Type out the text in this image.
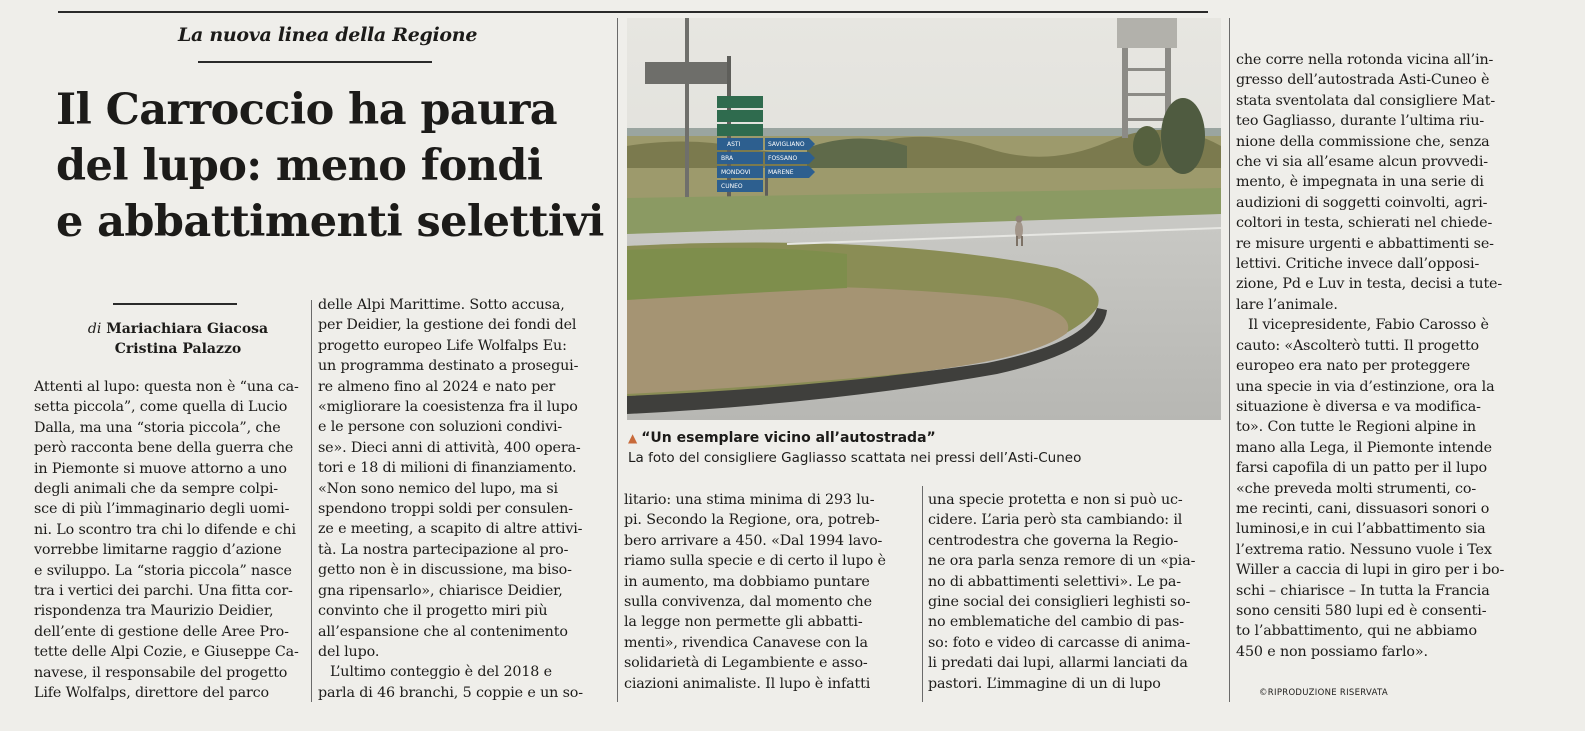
La nuova linea della Regione
Il Carroccio ha paura
del lupo: meno fondi
e abbattimenti selettivi
di Mariachiara Giacosa
Cristina Palazzo
Attenti al lupo: questa non è “una ca-
setta piccola”, come quella di Lucio
Dalla, ma una “storia piccola”, che
però racconta bene della guerra che
in Piemonte si muove attorno a uno
degli animali che da sempre colpi-
sce di più l’immaginario degli uomi-
ni. Lo scontro tra chi lo difende e chi
vorrebbe limitarne raggio d’azione
e sviluppo. La “storia piccola” nasce
tra i vertici dei parchi. Una fitta cor-
rispondenza tra Maurizio Deidier,
dell’ente di gestione delle Aree Pro-
tette delle Alpi Cozie, e Giuseppe Ca-
navese, il responsabile del progetto
Life Wolfalps, direttore del parco
delle Alpi Marittime. Sotto accusa,
per Deidier, la gestione dei fondi del
progetto europeo Life Wolfalps Eu:
un programma destinato a prosegui-
re almeno fino al 2024 e nato per
«migliorare la coesistenza fra il lupo
e le persone con soluzioni condivi-
se». Dieci anni di attività, 400 opera-
tori e 18 di milioni di finanziamento.
«Non sono nemico del lupo, ma si
spendono troppi soldi per consulen-
ze e meeting, a scapito di altre attivi-
tà. La nostra partecipazione al pro-
getto non è in discussione, ma biso-
gna ripensarlo», chiarisce Deidier,
convinto che il progetto miri più
all’espansione che al contenimento
del lupo.
L’ultimo conteggio è del 2018 e
parla di 46 branchi, 5 coppie e un so-
litario: una stima minima di 293 lu-
pi. Secondo la Regione, ora, potreb-
bero arrivare a 450. «Dal 1994 lavo-
riamo sulla specie e di certo il lupo è
in aumento, ma dobbiamo puntare
sulla convivenza, dal momento che
la legge non permette gli abbatti-
menti», rivendica Canavese con la
solidarietà di Legambiente e asso-
ciazioni animaliste. Il lupo è infatti
una specie protetta e non si può uc-
cidere. L’aria però sta cambiando: il
centrodestra che governa la Regio-
ne ora parla senza remore di un «pia-
no di abbattimenti selettivi». Le pa-
gine social dei consiglieri leghisti so-
no emblematiche del cambio di pas-
so: foto e video di carcasse di anima-
li predati dai lupi, allarmi lanciati da
pastori. L’immagine di un di lupo
che corre nella rotonda vicina all’in-
gresso dell’autostrada Asti-Cuneo è
stata sventolata dal consigliere Mat-
teo Gagliasso, durante l’ultima riu-
nione della commissione che, senza
che vi sia all’esame alcun provvedi-
mento, è impegnata in una serie di
audizioni di soggetti coinvolti, agri-
coltori in testa, schierati nel chiede-
re misure urgenti e abbattimenti se-
lettivi. Critiche invece dall’opposi-
zione, Pd e Luv in testa, decisi a tute-
lare l’animale.
Il vicepresidente, Fabio Carosso è
cauto: «Ascolterò tutti. Il progetto
europeo era nato per proteggere
una specie in via d’estinzione, ora la
situazione è diversa e va modifica-
to». Con tutte le Regioni alpine in
mano alla Lega, il Piemonte intende
farsi capofila di un patto per il lupo
«che preveda molti strumenti, co-
me recinti, cani, dissuasori sonori o
luminosi,e in cui l’abbattimento sia
l’extrema ratio. Nessuno vuole i Tex
Willer a caccia di lupi in giro per i bo-
schi – chiarisce – In tutta la Francia
sono censiti 580 lupi ed è consenti-
to l’abbattimento, qui ne abbiamo
450 e non possiamo farlo».
ASTI
BRA
SAVIGLIANO
MONDOVI
FOSSANO
MARENE
CUNEO
▲ “Un esemplare vicino all’autostrada”
La foto del consigliere Gagliasso scattata nei pressi dell’Asti-Cuneo
©RIPRODUZIONE RISERVATA
